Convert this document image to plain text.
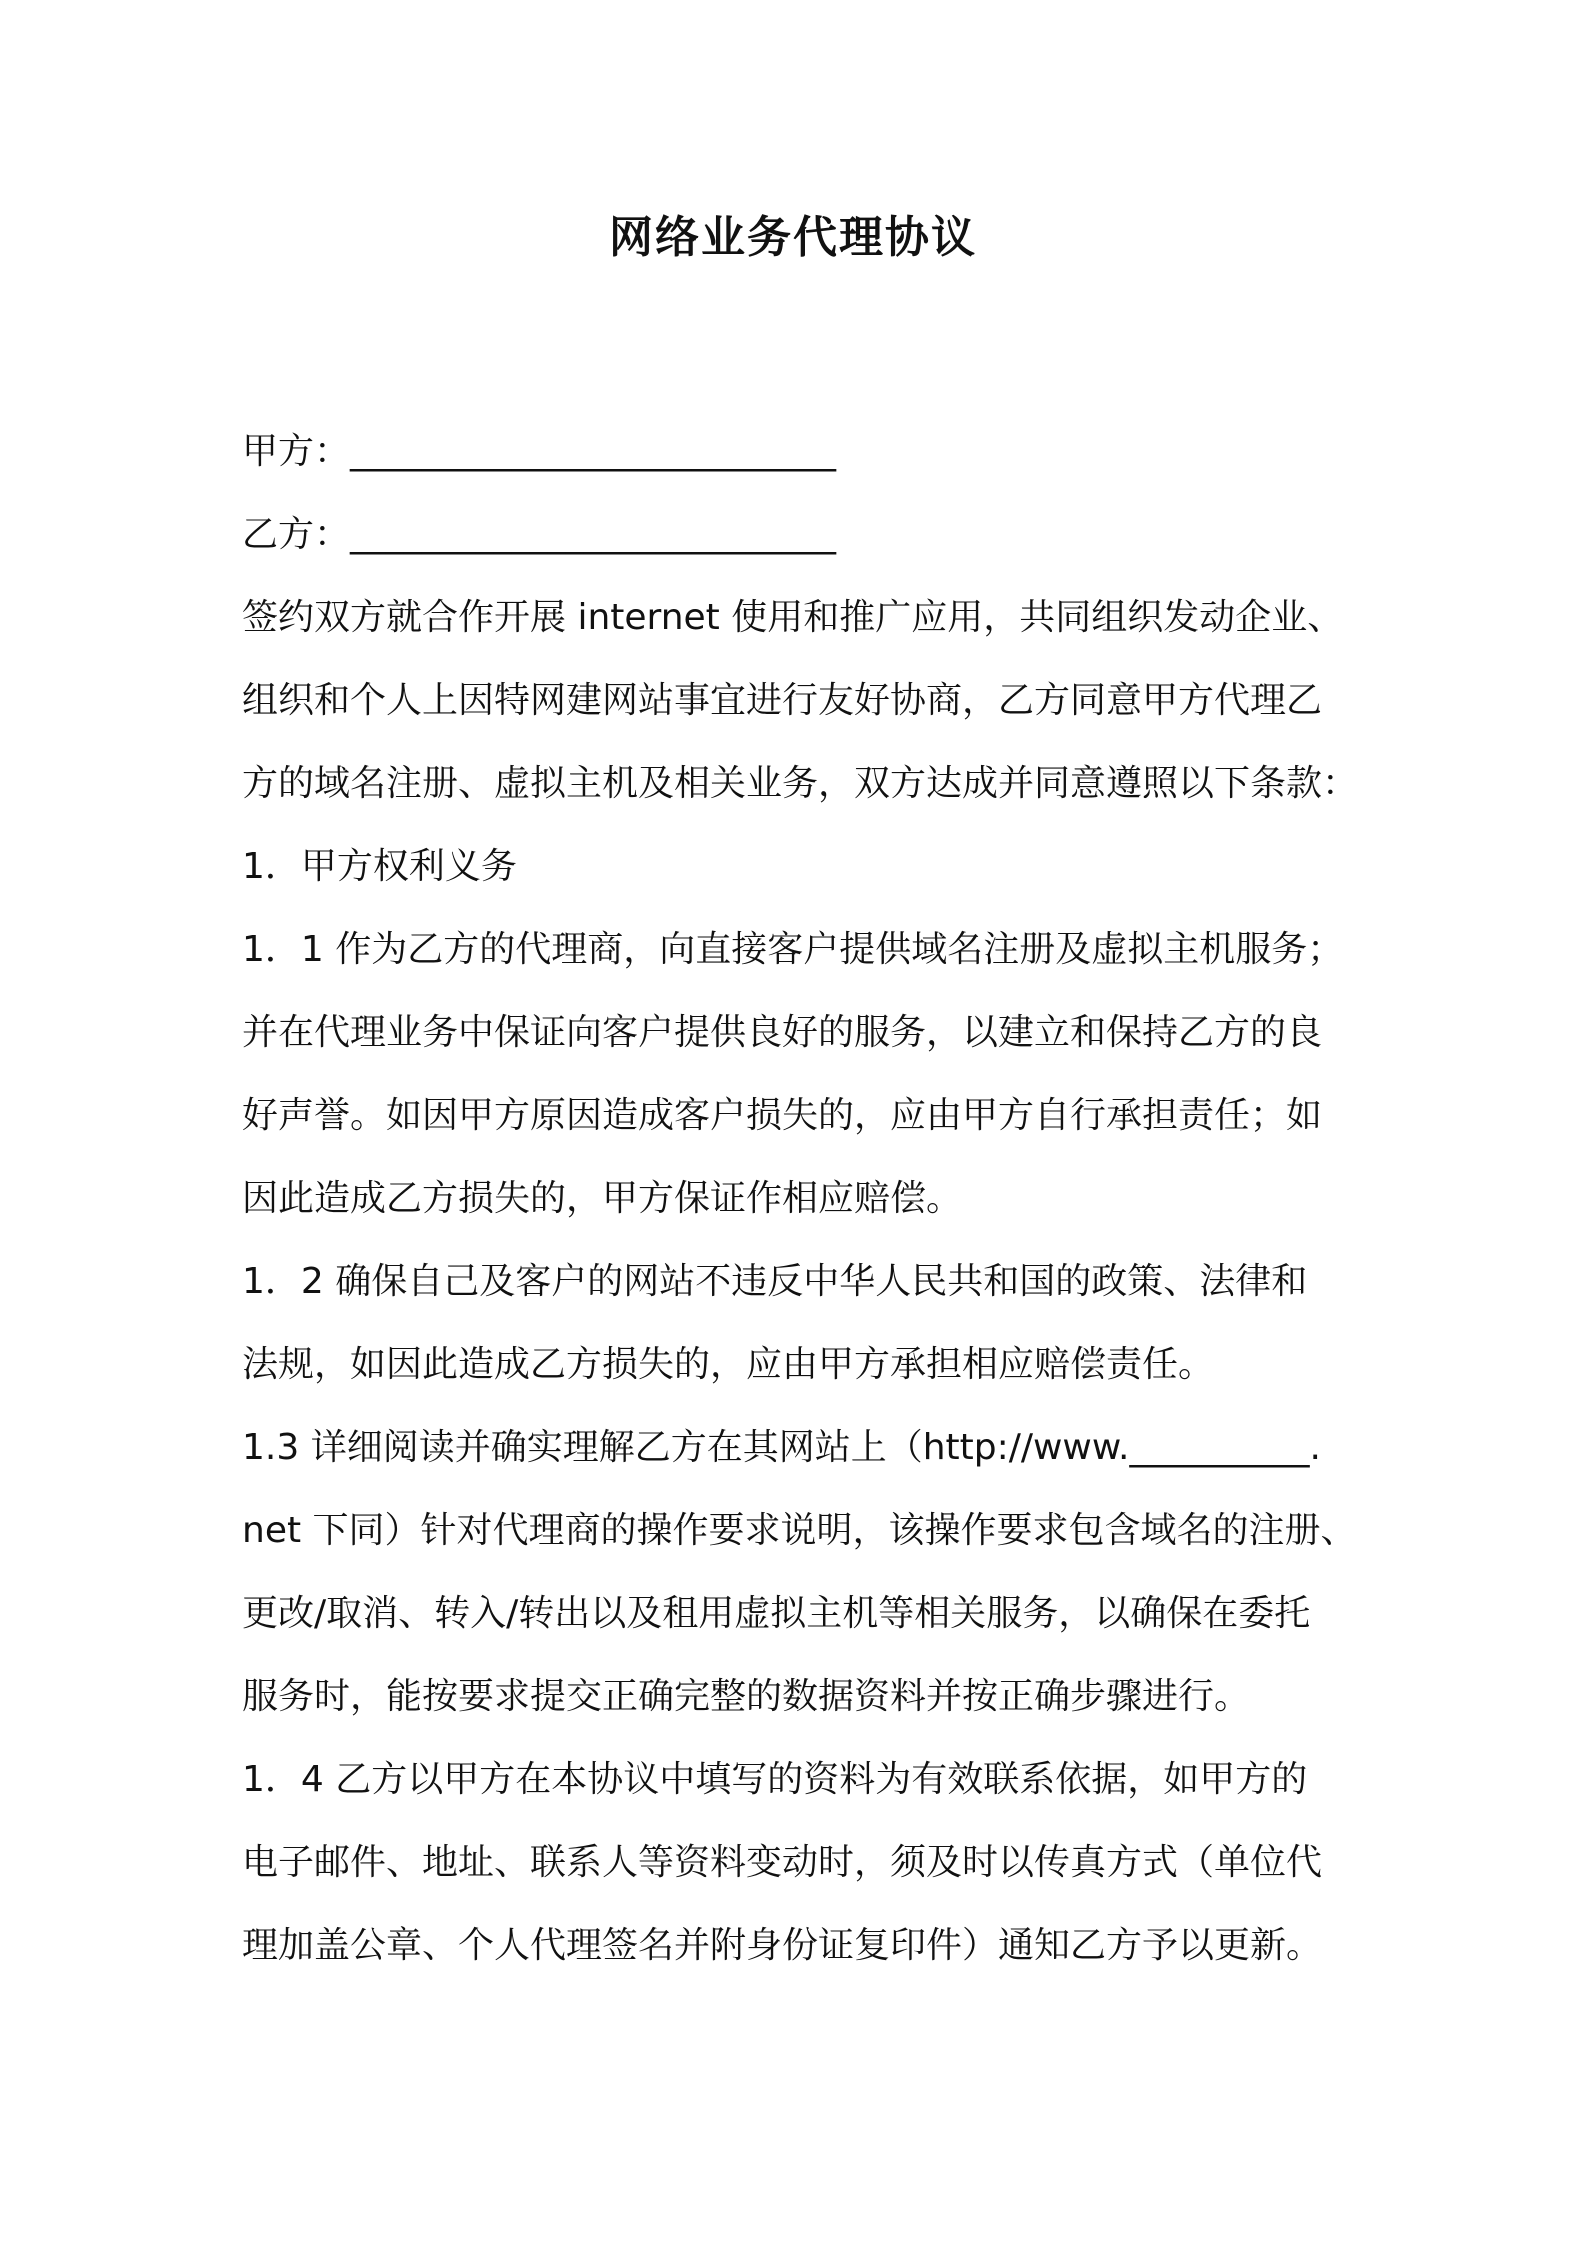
网络业务代理协议
甲方：___________________________
乙方：___________________________
签约双方就合作开展 internet 使用和推广应用，共同组织发动企业、
组织和个人上因特网建网站事宜进行友好协商，乙方同意甲方代理乙
方的域名注册、虚拟主机及相关业务，双方达成并同意遵照以下条款：
1．甲方权利义务
1．1 作为乙方的代理商，向直接客户提供域名注册及虚拟主机服务；
并在代理业务中保证向客户提供良好的服务，以建立和保持乙方的良
好声誉。如因甲方原因造成客户损失的，应由甲方自行承担责任；如
因此造成乙方损失的，甲方保证作相应赔偿。
1．2 确保自己及客户的网站不违反中华人民共和国的政策、法律和
法规，如因此造成乙方损失的，应由甲方承担相应赔偿责任。
1.3 详细阅读并确实理解乙方在其网站上（http://www.__________.
net 下同）针对代理商的操作要求说明，该操作要求包含域名的注册、
更改/取消、转入/转出以及租用虚拟主机等相关服务，以确保在委托
服务时，能按要求提交正确完整的数据资料并按正确步骤进行。
1．4 乙方以甲方在本协议中填写的资料为有效联系依据，如甲方的
电子邮件、地址、联系人等资料变动时，须及时以传真方式（单位代
理加盖公章、个人代理签名并附身份证复印件）通知乙方予以更新。
